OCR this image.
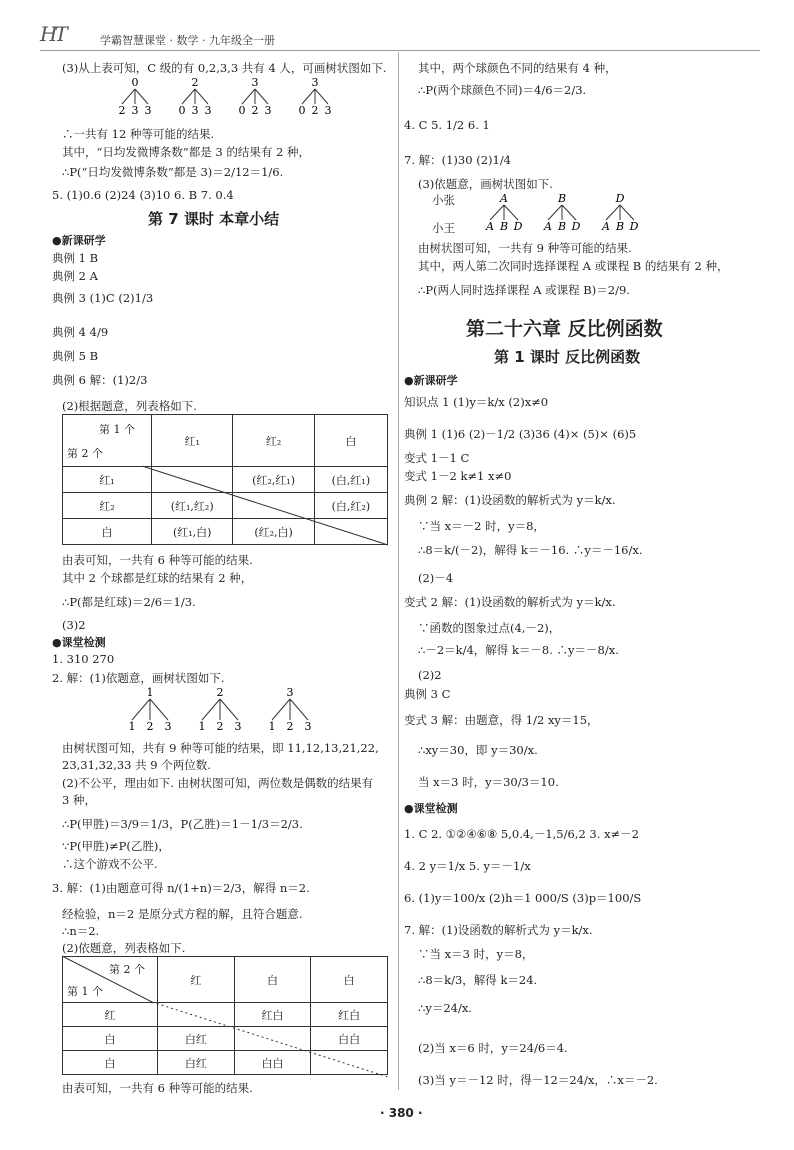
HT	学霸智慧课堂 · 数学 · 九年级全一册
(3)从上表可知，C 级的有 0,2,3,3 共有 4 人，可画树状图如下.
0
2 3 3
2
0 3 3
3
0 2 3
3
0 2 3
∴一共有 12 种等可能的结果.
其中，“日均发微博条数”都是 3 的结果有 2 种，
∴P(“日均发微博条数”都是 3)＝2/12＝1/6.
5. (1)0.6 (2)24 (3)10 6. B 7. 0.4
第 7 课时 本章小结
●新课研学
典例 1 B
典例 2 A
典例 3 (1)C (2)1/3
典例 4 4/9
典例 5 B
典例 6 解：(1)2/3
(2)根据题意，列表格如下.
第 1 个
第 2 个	红₁	红₂	白
红₁		(红₂,红₁)	(白,红₁)
红₂	(红₁,红₂)		(白,红₂)
白	(红₁,白)	(红₂,白)	
由表可知，一共有 6 种等可能的结果.
其中 2 个球都是红球的结果有 2 种，
∴P(都是红球)＝2/6＝1/3.
(3)2
●课堂检测
1. 310 270
2. 解：(1)依题意，画树状图如下.
1
1 2 3
2
1 2 3
3
1 2 3
由树状图可知，共有 9 种等可能的结果，即 11,12,13,21,22,
23,31,32,33 共 9 个两位数.
(2)不公平，理由如下. 由树状图可知，两位数是偶数的结果有
3 种，
∴P(甲胜)＝3/9＝1/3，P(乙胜)＝1－1/3＝2/3.
∵P(甲胜)≠P(乙胜)，
∴这个游戏不公平.
3. 解：(1)由题意可得 n/(1+n)＝2/3，解得 n＝2.
经检验，n＝2 是原分式方程的解，且符合题意.
∴n＝2.
(2)依题意，列表格如下.
第 2 个
第 1 个	红	白	白
红		红白	红白
白	白红		白白
白	白红	白白	
由表可知，一共有 6 种等可能的结果.
其中，两个球颜色不同的结果有 4 种，
∴P(两个球颜色不同)＝4/6＝2/3.
4. C 5. 1/2 6. 1
7. 解：(1)30 (2)1/4
(3)依题意，画树状图如下.
小张
小王
A
A B D
B
A B D
D
A B D
由树状图可知，一共有 9 种等可能的结果.
其中，两人第二次同时选择课程 A 或课程 B 的结果有 2 种，
∴P(两人同时选择课程 A 或课程 B)＝2/9.
第二十六章 反比例函数
第 1 课时 反比例函数
●新课研学
知识点 1 (1)y＝k/x (2)x≠0
典例 1 (1)6 (2)－1/2 (3)36 (4)× (5)× (6)5
变式 1－1 C
变式 1－2 k≠1 x≠0
典例 2 解：(1)设函数的解析式为 y＝k/x.
∵当 x＝－2 时，y＝8，
∴8＝k/(－2)，解得 k＝－16. ∴y＝－16/x.
(2)－4
变式 2 解：(1)设函数的解析式为 y＝k/x.
∵函数的图象过点(4,－2)，
∴－2＝k/4，解得 k＝－8. ∴y＝－8/x.
(2)2
典例 3 C
变式 3 解：由题意，得 1/2 xy＝15，
∴xy＝30，即 y＝30/x.
当 x＝3 时，y＝30/3＝10.
●课堂检测
1. C 2. ①②④⑥⑧ 5,0.4,－1,5/6,2 3. x≠－2
4. 2 y＝1/x 5. y＝－1/x
6. (1)y＝100/x (2)h＝1 000/S (3)p＝100/S
7. 解：(1)设函数的解析式为 y＝k/x.
∵当 x＝3 时，y＝8，
∴8＝k/3，解得 k＝24.
∴y＝24/x.
(2)当 x＝6 时，y＝24/6＝4.
(3)当 y＝－12 时，得－12＝24/x，∴x＝－2.
· 380 ·
